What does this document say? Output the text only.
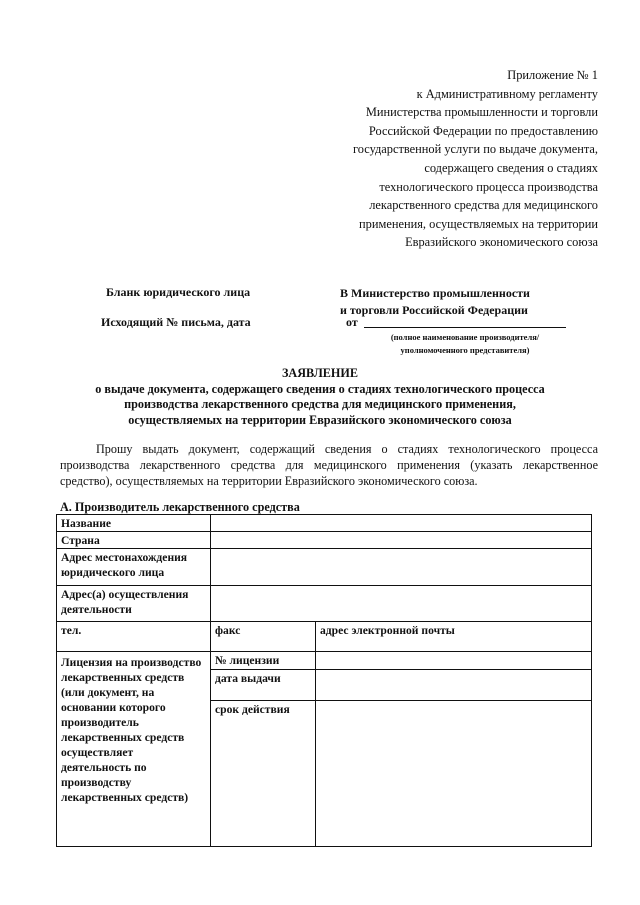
Приложение № 1
к Административному регламенту
Министерства промышленности и торговли
Российской Федерации по предоставлению
государственной услуги по выдаче документа,
содержащего сведения о стадиях
технологического процесса производства
лекарственного средства для медицинского
применения, осуществляемых на территории
Евразийского экономического союза
Бланк юридического лица
Исходящий № письма, дата
В Министерство промышленности
и торговли Российской Федерации
от
(полное наименование производителя/ уполномоченного представителя)
ЗАЯВЛЕНИЕ
о выдаче документа, содержащего сведения о стадиях технологического процесса
производства лекарственного средства для медицинского применения,
осуществляемых на территории Евразийского экономического союза

Прошу выдать документ, содержащий сведения о стадиях технологического процесса производства лекарственного средства для медицинского применения (указать лекарственное средство), осуществляемых на территории Евразийского экономического союза.

А. Производитель лекарственного средства
Название		
Страна		
Адрес местонахождения юридического лица		
Адрес(а) осуществления деятельности		
тел.	факс	адрес электронной почты
Лицензия на производство лекарственных средств (или документ, на основании которого производитель лекарственных средств осуществляет деятельность по производству лекарственных средств)	№ лицензии	
	дата выдачи	
	срок действия	
